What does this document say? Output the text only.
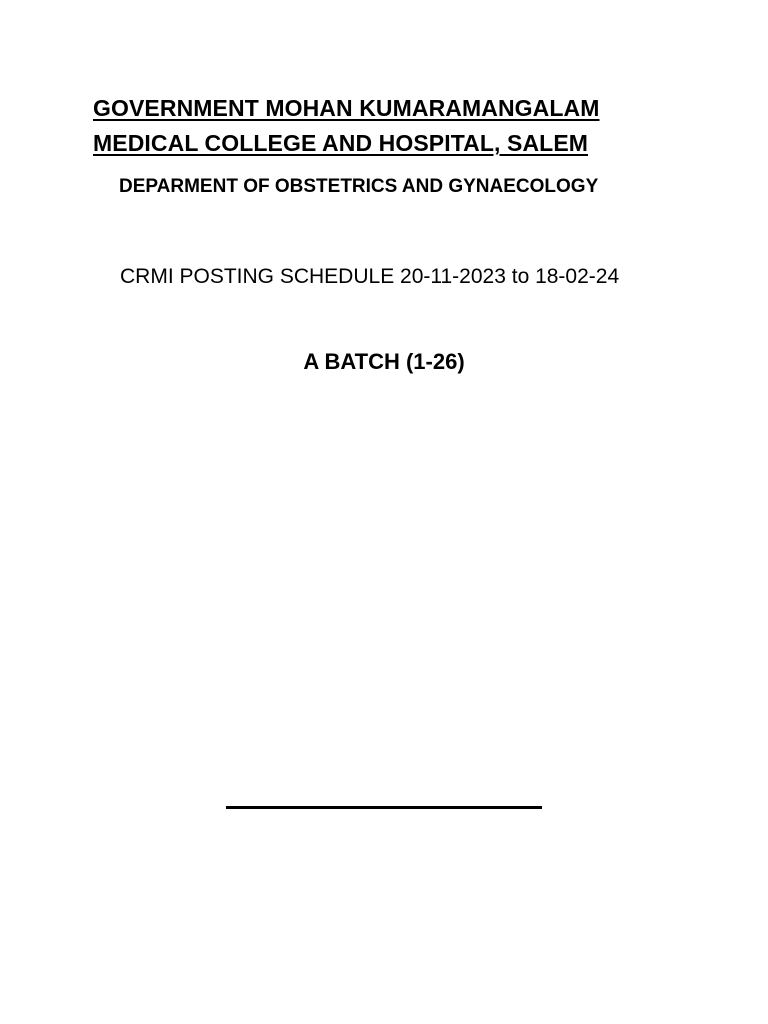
GOVERNMENT MOHAN KUMARAMANGALAM
MEDICAL COLLEGE AND HOSPITAL, SALEM
DEPARMENT OF OBSTETRICS AND GYNAECOLOGY
CRMI POSTING SCHEDULE 20-11-2023 to 18-02-24
A BATCH (1-26)
